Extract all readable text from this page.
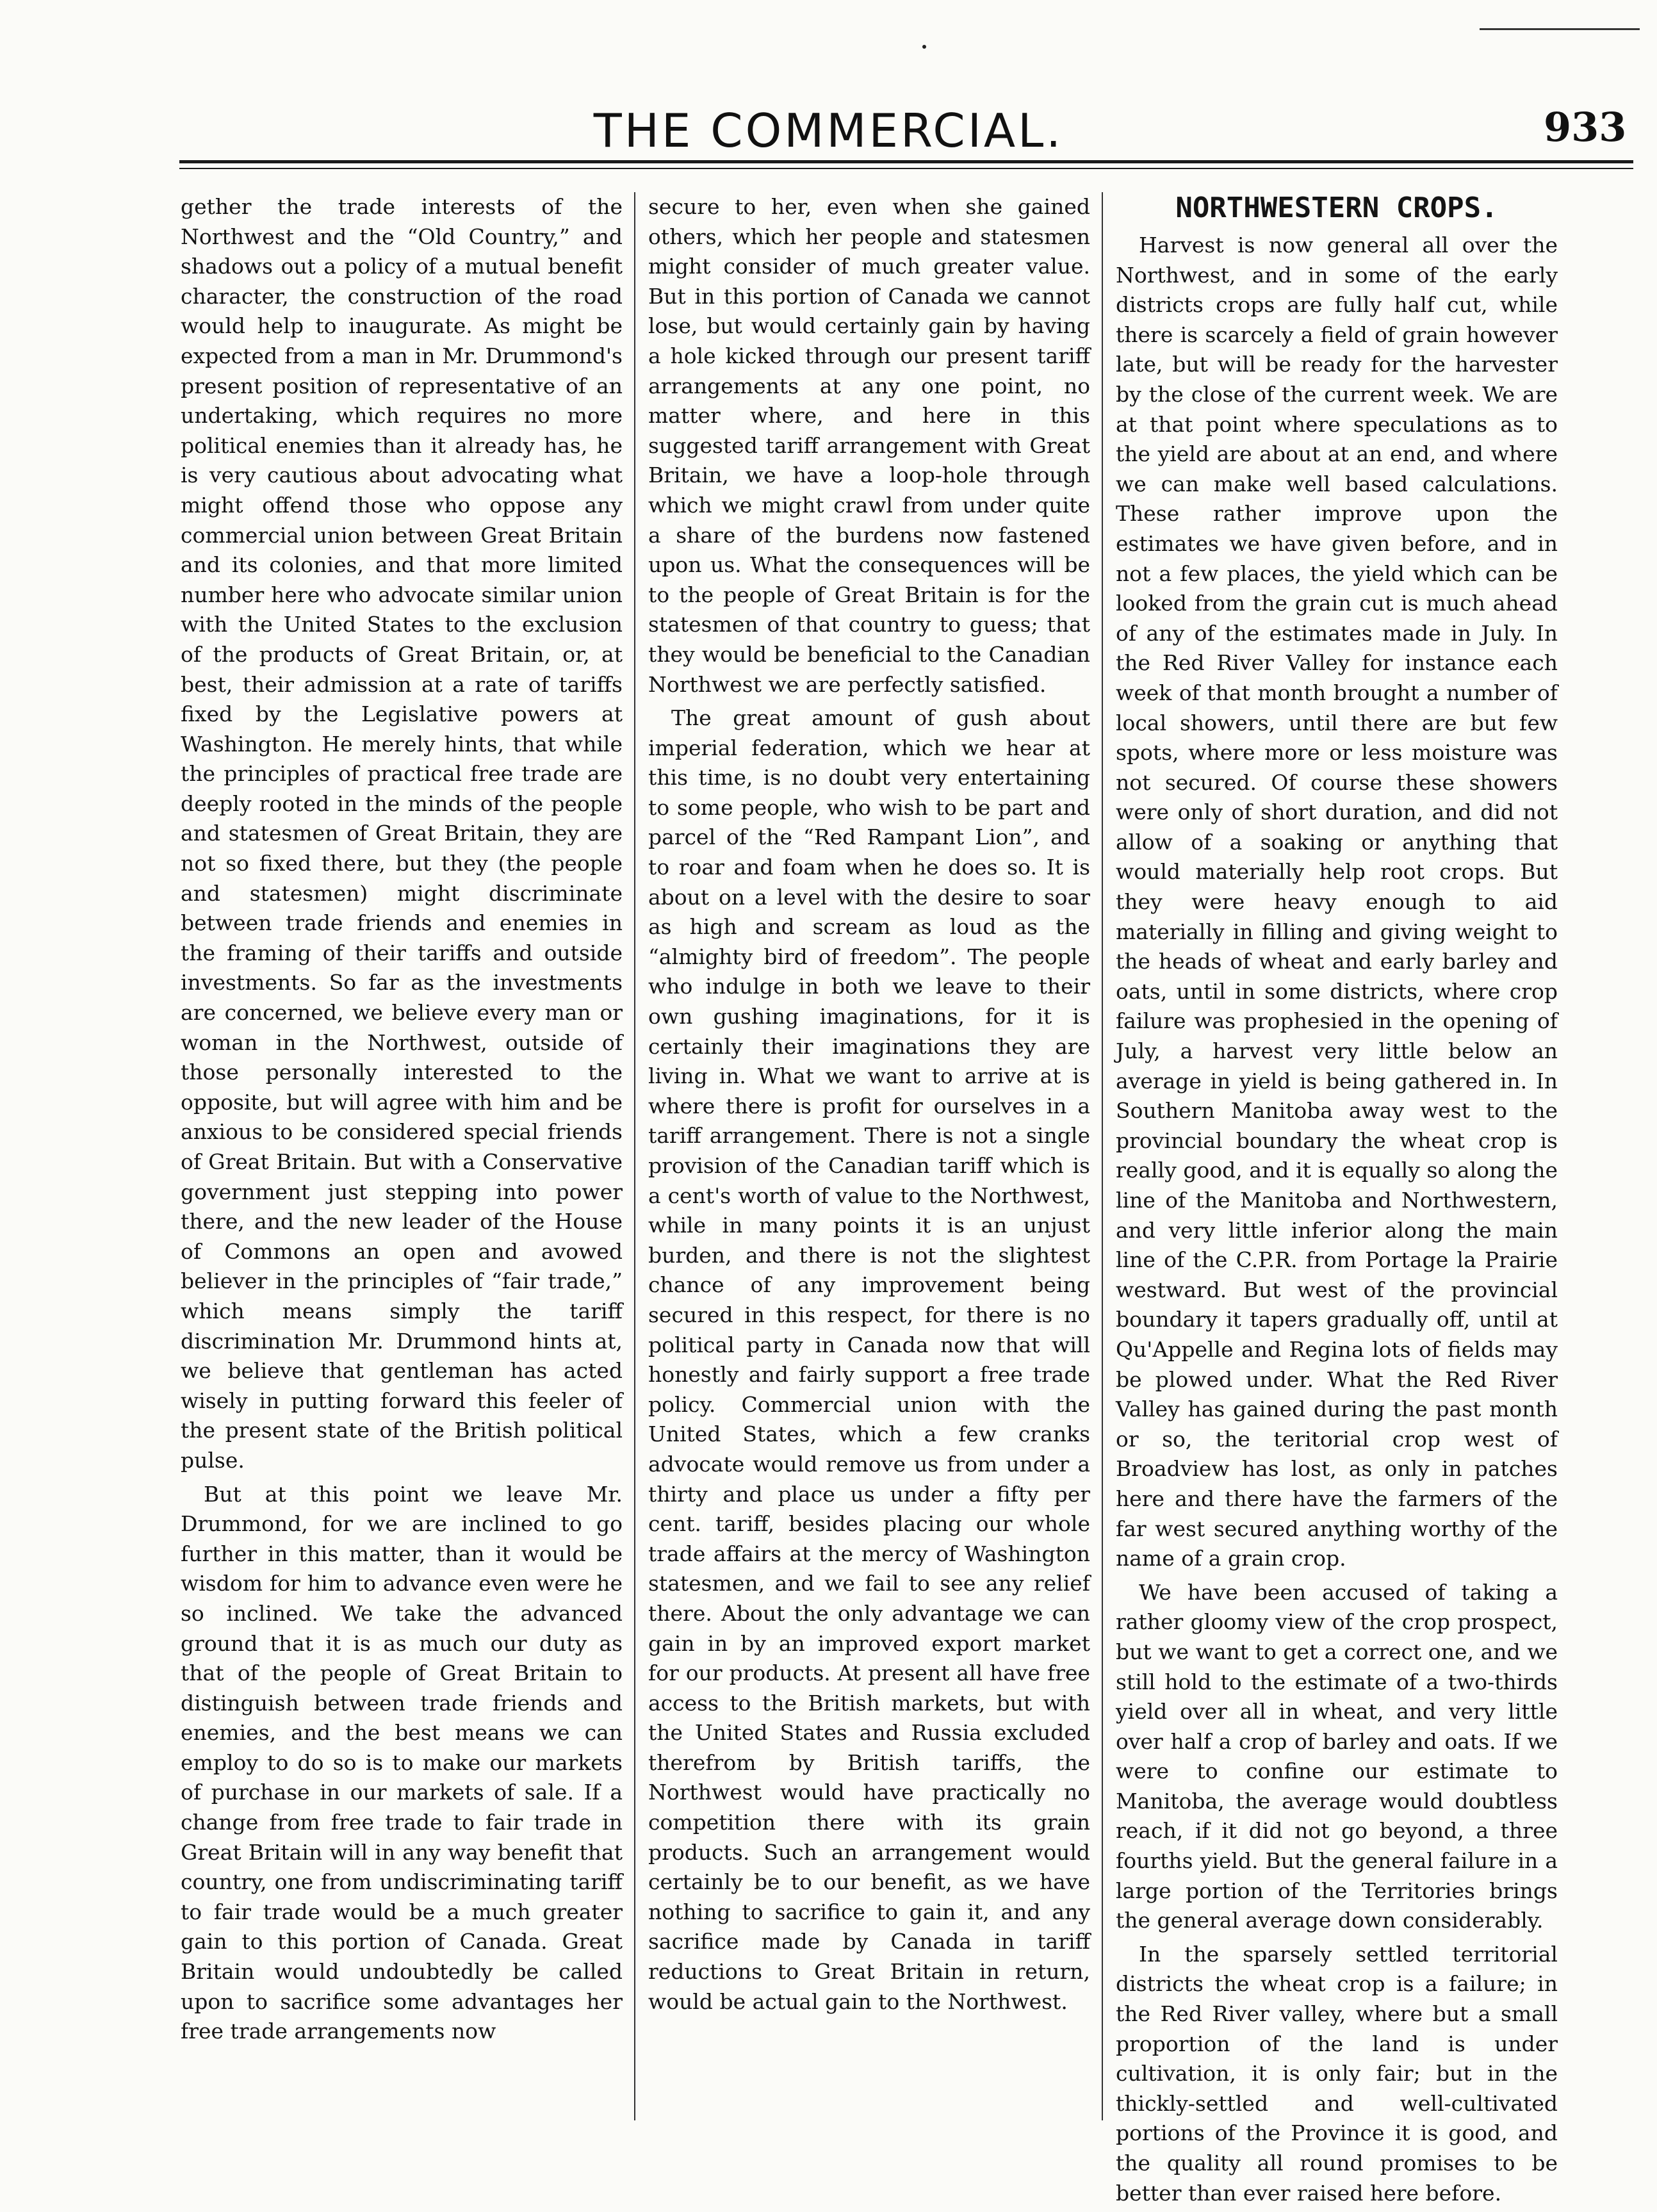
THE COMMERCIAL.	933

gether the trade interests of the Northwest and the “Old Country,” and shadows out a policy of a mutual benefit character, the construction of the road would help to inaugurate. As might be expected from a man in Mr. Drummond's present position of representative of an undertaking, which requires no more political enemies than it already has, he is very cautious about advocating what might offend those who oppose any commercial union between Great Britain and its colonies, and that more limited number here who advocate similar union with the United States to the exclusion of the products of Great Britain, or, at best, their admission at a rate of tariffs fixed by the Legislative powers at Washington. He merely hints, that while the principles of practical free trade are deeply rooted in the minds of the people and statesmen of Great Britain, they are not so fixed there, but they (the people and statesmen) might discriminate between trade friends and enemies in the framing of their tariffs and outside investments. So far as the investments are concerned, we believe every man or woman in the Northwest, outside of those personally interested to the opposite, but will agree with him and be anxious to be considered special friends of Great Britain. But with a Conservative government just stepping into power there, and the new leader of the House of Commons an open and avowed believer in the principles of “fair trade,” which means simply the tariff discrimination Mr. Drummond hints at, we believe that gentleman has acted wisely in putting forward this feeler of the present state of the British political pulse.

But at this point we leave Mr. Drummond, for we are inclined to go further in this matter, than it would be wisdom for him to advance even were he so inclined. We take the advanced ground that it is as much our duty as that of the people of Great Britain to distinguish between trade friends and enemies, and the best means we can employ to do so is to make our markets of purchase in our markets of sale. If a change from free trade to fair trade in Great Britain will in any way benefit that country, one from undiscriminating tariff to fair trade would be a much greater gain to this portion of Canada. Great Britain would undoubtedly be called upon to sacrifice some advantages her free trade arrangements now

secure to her, even when she gained others, which her people and statesmen might consider of much greater value. But in this portion of Canada we cannot lose, but would certainly gain by having a hole kicked through our present tariff arrangements at any one point, no matter where, and here in this suggested tariff arrangement with Great Britain, we have a loop-hole through which we might crawl from under quite a share of the burdens now fastened upon us. What the consequences will be to the people of Great Britain is for the statesmen of that country to guess; that they would be beneficial to the Canadian Northwest we are perfectly satisfied.

The great amount of gush about imperial federation, which we hear at this time, is no doubt very entertaining to some people, who wish to be part and parcel of the “Red Rampant Lion”, and to roar and foam when he does so. It is about on a level with the desire to soar as high and scream as loud as the “almighty bird of freedom”. The people who indulge in both we leave to their own gushing imaginations, for it is certainly their imaginations they are living in. What we want to arrive at is where there is profit for ourselves in a tariff arrangement. There is not a single provision of the Canadian tariff which is a cent's worth of value to the Northwest, while in many points it is an unjust burden, and there is not the slightest chance of any improvement being secured in this respect, for there is no political party in Canada now that will honestly and fairly support a free trade policy. Commercial union with the United States, which a few cranks advocate would remove us from under a thirty and place us under a fifty per cent. tariff, besides placing our whole trade affairs at the mercy of Washington statesmen, and we fail to see any relief there. About the only advantage we can gain in by an improved export market for our products. At present all have free access to the British markets, but with the United States and Russia excluded therefrom by British tariffs, the Northwest would have practically no competition there with its grain products. Such an arrangement would certainly be to our benefit, as we have nothing to sacrifice to gain it, and any sacrifice made by Canada in tariff reductions to Great Britain in return, would be actual gain to the Northwest.

NORTHWESTERN CROPS.

Harvest is now general all over the Northwest, and in some of the early districts crops are fully half cut, while there is scarcely a field of grain however late, but will be ready for the harvester by the close of the current week. We are at that point where speculations as to the yield are about at an end, and where we can make well based calculations. These rather improve upon the estimates we have given before, and in not a few places, the yield which can be looked from the grain cut is much ahead of any of the estimates made in July. In the Red River Valley for instance each week of that month brought a number of local showers, until there are but few spots, where more or less moisture was not secured. Of course these showers were only of short duration, and did not allow of a soaking or anything that would materially help root crops. But they were heavy enough to aid materially in filling and giving weight to the heads of wheat and early barley and oats, until in some districts, where crop failure was prophesied in the opening of July, a harvest very little below an average in yield is being gathered in. In Southern Manitoba away west to the provincial boundary the wheat crop is really good, and it is equally so along the line of the Manitoba and Northwestern, and very little inferior along the main line of the C.P.R. from Portage la Prairie westward. But west of the provincial boundary it tapers gradually off, until at Qu'Appelle and Regina lots of fields may be plowed under. What the Red River Valley has gained during the past month or so, the teritorial crop west of Broadview has lost, as only in patches here and there have the farmers of the far west secured anything worthy of the name of a grain crop.

We have been accused of taking a rather gloomy view of the crop prospect, but we want to get a correct one, and we still hold to the estimate of a two-thirds yield over all in wheat, and very little over half a crop of barley and oats. If we were to confine our estimate to Manitoba, the average would doubtless reach, if it did not go beyond, a three fourths yield. But the general failure in a large portion of the Territories brings the general average down considerably.

In the sparsely settled territorial districts the wheat crop is a failure; in the Red River valley, where but a small proportion of the land is under cultivation, it is only fair; but in the thickly-settled and well-cultivated portions of the Province it is good, and the quality all round promises to be better than ever raised here before.
